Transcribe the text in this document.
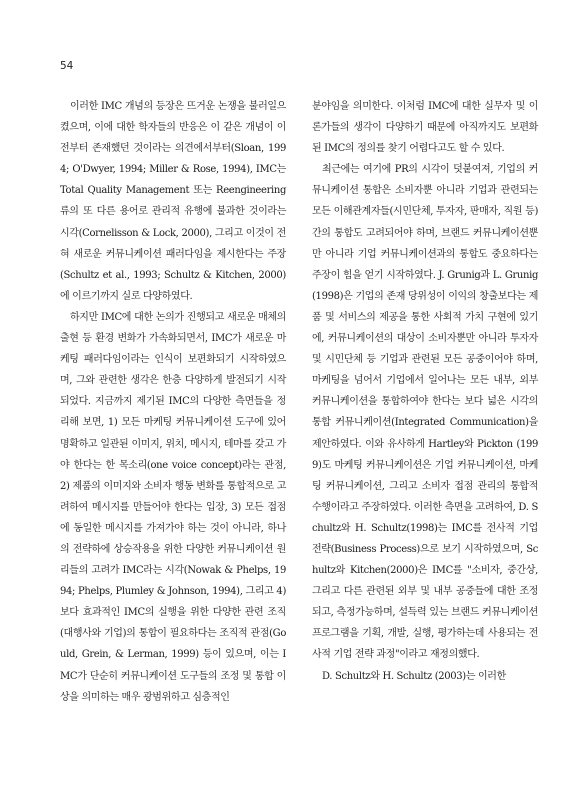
54

이러한 IMC 개념의 등장은 뜨거운 논쟁을 불러일으켰으며, 이에 대한 학자들의 반응은 이 같은 개념이 이전부터 존재했던 것이라는 의견에서부터(Sloan, 1994; O'Dwyer, 1994; Miller & Rose, 1994), IMC는 Total Quality Management 또는 Reengineering 류의 또 다른 용어로 관리적 유행에 불과한 것이라는 시각(Cornelisson & Lock, 2000), 그리고 이것이 전혀 새로운 커뮤니케이션 패러다임을 제시한다는 주장(Schultz et al., 1993; Schultz & Kitchen, 2000)에 이르기까지 실로 다양하였다.

하지만 IMC에 대한 논의가 진행되고 새로운 매체의 출현 등 환경 변화가 가속화되면서, IMC가 새로운 마케팅 패러다임이라는 인식이 보편화되기 시작하였으며, 그와 관련한 생각은 한층 다양하게 발전되기 시작되었다. 지금까지 제기된 IMC의 다양한 측면들을 정리해 보면, 1) 모든 마케팅 커뮤니케이션 도구에 있어 명확하고 일관된 이미지, 위치, 메시지, 테마를 갖고 가야 한다는 한 목소리(one voice concept)라는 관점, 2) 제품의 이미지와 소비자 행동 변화를 통합적으로 고려하여 메시지를 만들어야 한다는 입장, 3) 모든 접점에 동일한 메시지를 가져가야 하는 것이 아니라, 하나의 전략하에 상승작용을 위한 다양한 커뮤니케이션 원리들의 고려가 IMC라는 시각(Nowak & Phelps, 1994; Phelps, Plumley & Johnson, 1994), 그리고 4) 보다 효과적인 IMC의 실행을 위한 다양한 관련 조직(대행사와 기업)의 통합이 필요하다는 조직적 관점(Gould, Grein, & Lerman, 1999) 등이 있으며, 이는 IMC가 단순히 커뮤니케이션 도구들의 조정 및 통합 이상을 의미하는 매우 광범위하고 심층적인

분야임을 의미한다. 이처럼 IMC에 대한 실무자 및 이론가들의 생각이 다양하기 때문에 아직까지도 보편화된 IMC의 정의를 찾기 어렵다고도 할 수 있다.

최근에는 여기에 PR의 시각이 덧붙여져, 기업의 커뮤니케이션 통합은 소비자뿐 아니라 기업과 관련되는 모든 이해관계자들(시민단체, 투자자, 판매자, 직원 등) 간의 통합도 고려되어야 하며, 브랜드 커뮤니케이션뿐만 아니라 기업 커뮤니케이션과의 통합도 중요하다는 주장이 힘을 얻기 시작하였다. J. Grunig과 L. Grunig (1998)은 기업의 존재 당위성이 이익의 창출보다는 제품 및 서비스의 제공을 통한 사회적 가치 구현에 있기에, 커뮤니케이션의 대상이 소비자뿐만 아니라 투자자 및 시민단체 등 기업과 관련된 모든 공중이어야 하며, 마케팅을 넘어서 기업에서 일어나는 모든 내부, 외부 커뮤니케이션을 통합하여야 한다는 보다 넓은 시각의 통합 커뮤니케이션(Integrated Communication)을 제안하였다. 이와 유사하게 Hartley와 Pickton (1999)도 마케팅 커뮤니케이션은 기업 커뮤니케이션, 마케팅 커뮤니케이션, 그리고 소비자 접점 관리의 통합적 수행이라고 주장하였다. 이러한 측면을 고려하여, D. Schultz와 H. Schultz(1998)는 IMC를 전사적 기업 전략(Business Process)으로 보기 시작하였으며, Schultz와 Kitchen(2000)은 IMC를 "소비자, 중간상, 그리고 다른 관련된 외부 및 내부 공중들에 대한 조정되고, 측정가능하며, 설득력 있는 브랜드 커뮤니케이션 프로그램을 기획, 개발, 실행, 평가하는데 사용되는 전사적 기업 전략 과정"이라고 재정의했다.

D. Schultz와 H. Schultz (2003)는 이러한
